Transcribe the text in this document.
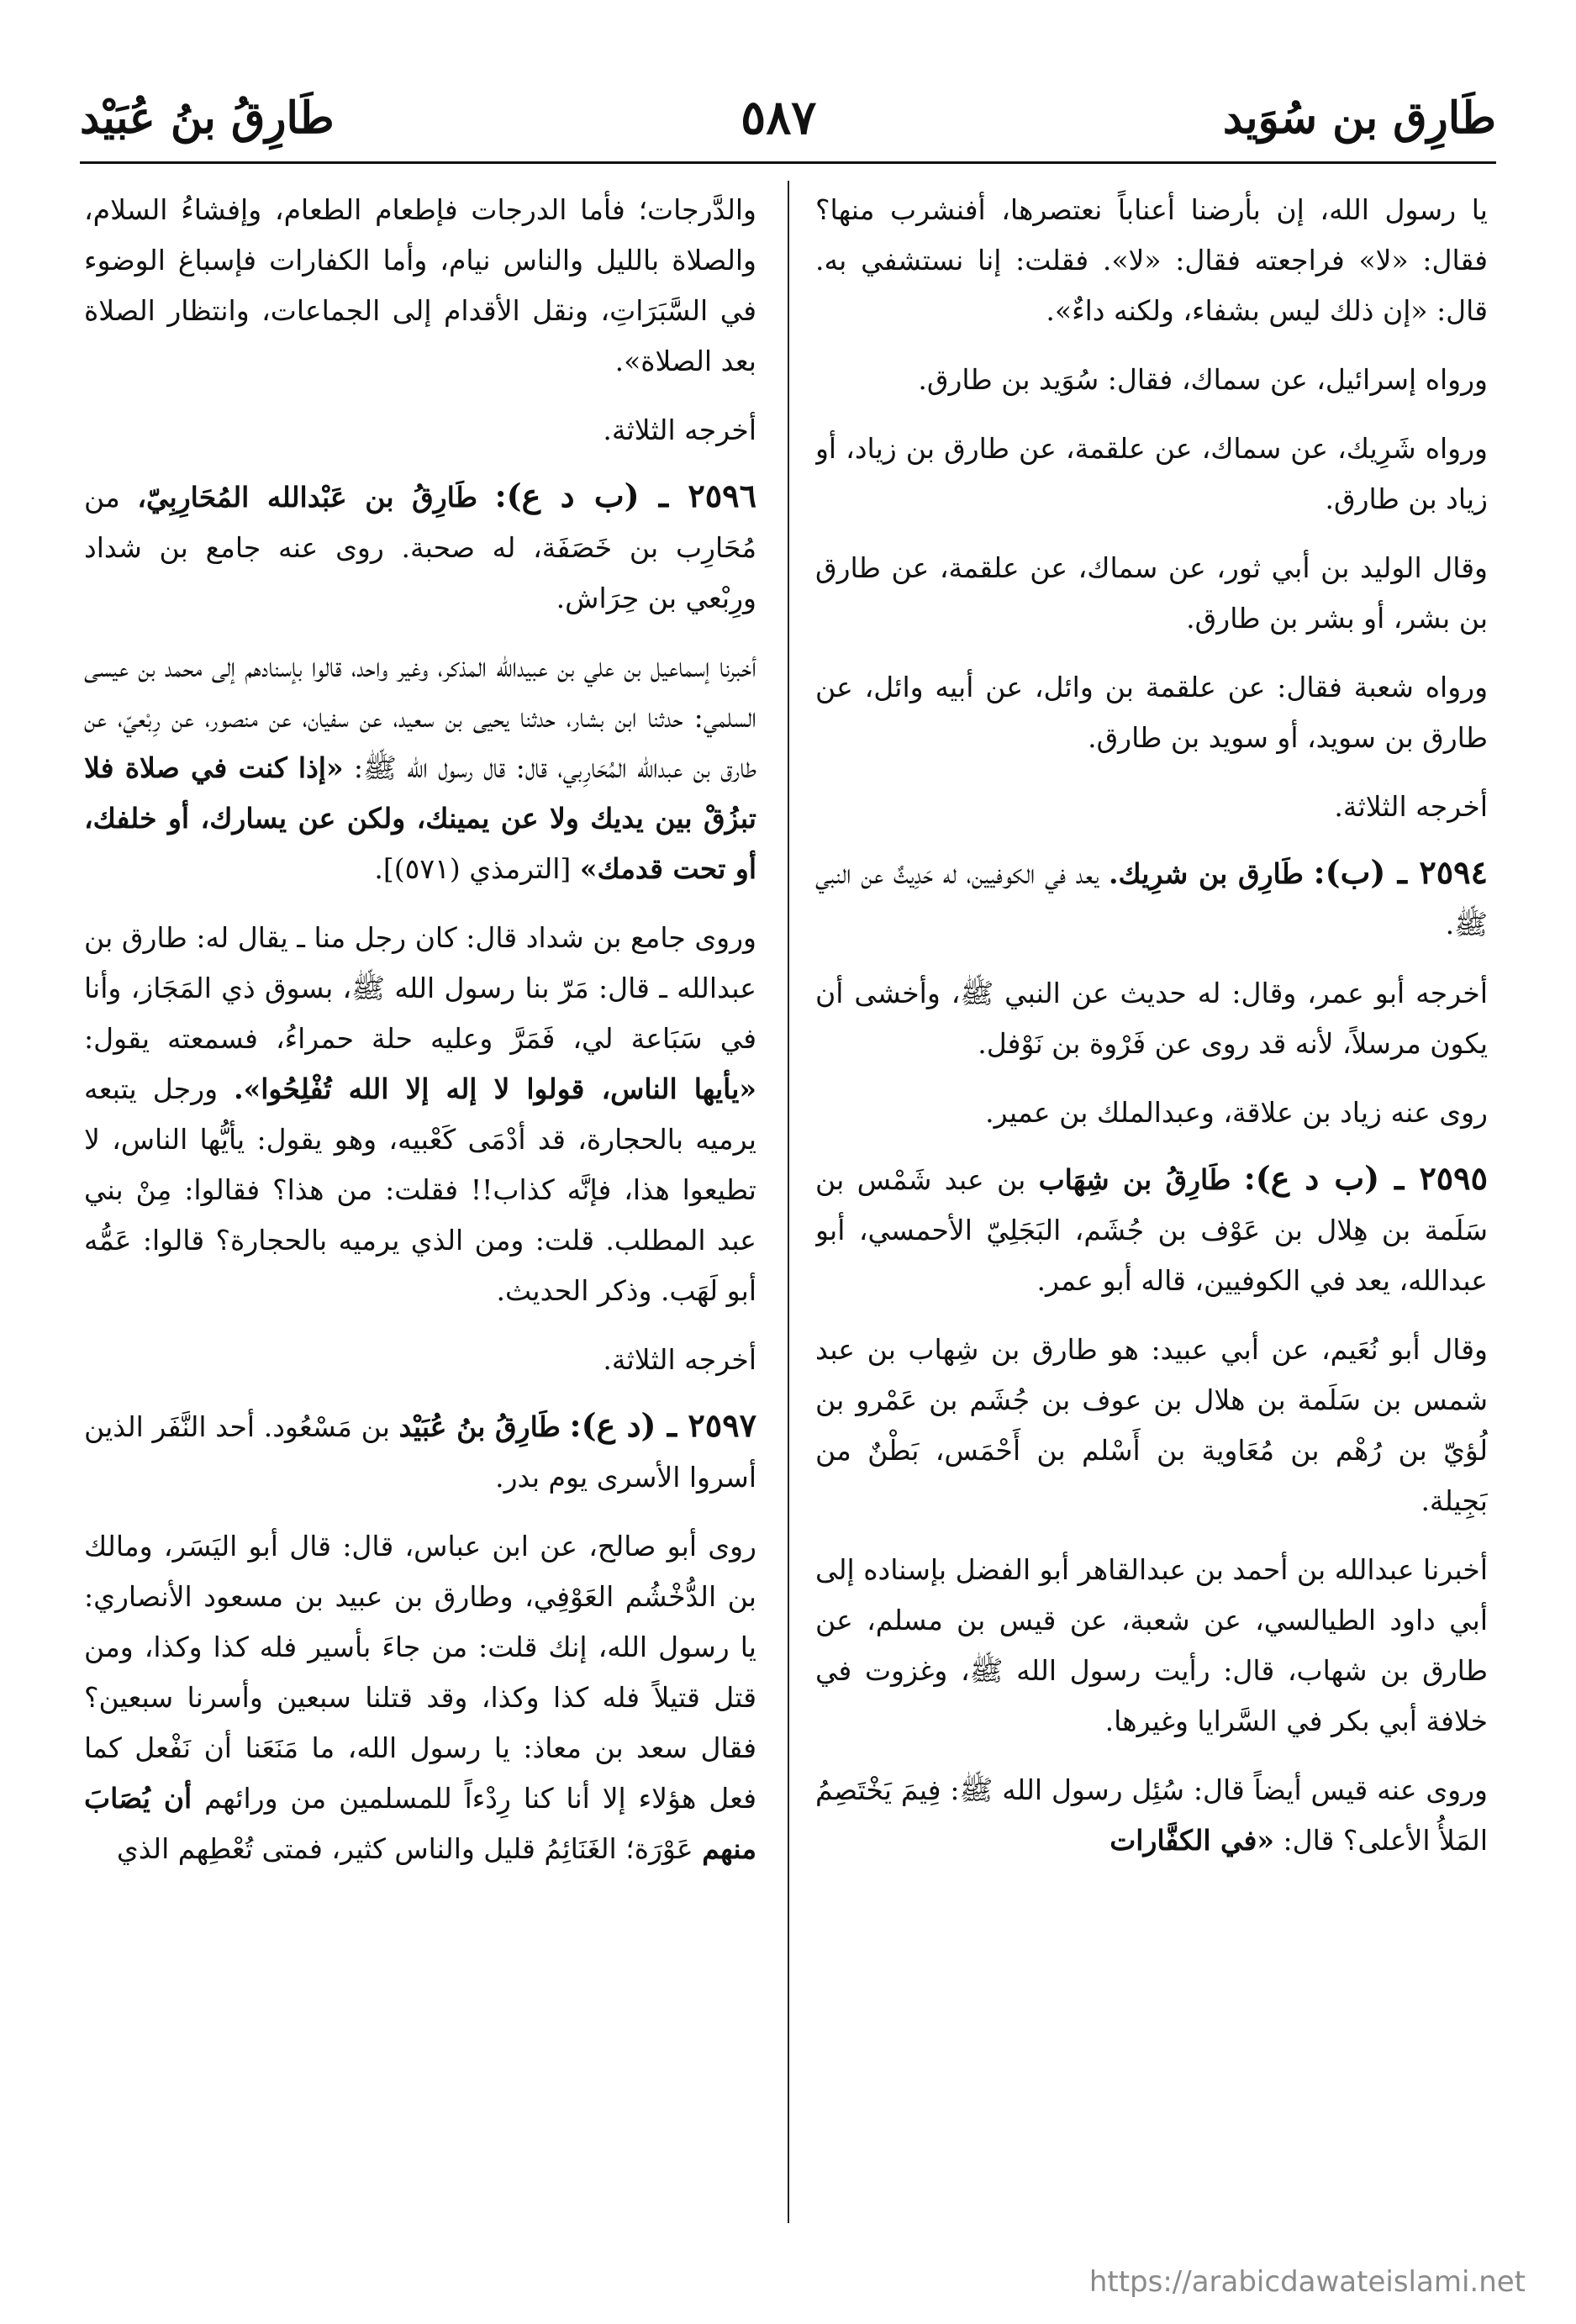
طَارِق بن سُوَيد
٥٨٧
طَارِقُ بنُ عُبَيْد

يا رسول الله، إن بأرضنا أعناباً نعتصرها، أفنشرب منها؟ فقال: «لا» فراجعته فقال: «لا». فقلت: إنا نستشفي به. قال: «إن ذلك ليس بشفاء، ولكنه داءٌ».

ورواه إسرائيل، عن سماك، فقال: سُوَيد بن طارق.

ورواه شَرِيك، عن سماك، عن علقمة، عن طارق بن زياد، أو زياد بن طارق.

وقال الوليد بن أبي ثور، عن سماك، عن علقمة، عن طارق بن بشر، أو بشر بن طارق.

ورواه شعبة فقال: عن علقمة بن وائل، عن أبيه وائل، عن طارق بن سويد، أو سويد بن طارق.

أخرجه الثلاثة.

٢٥٩٤ ـ (ب): طَارِق بن شرِيك. يعد في الكوفيين، له حَدِيثٌ عن النبي ﷺ.

أخرجه أبو عمر، وقال: له حديث عن النبي ﷺ، وأخشى أن يكون مرسلاً، لأنه قد روى عن فَرْوة بن نَوْفل.

روى عنه زياد بن علاقة، وعبدالملك بن عمير.

٢٥٩٥ ـ (ب د ع): طَارِقُ بن شِهَاب بن عبد شَمْس بن سَلَمة بن هِلال بن عَوْف بن جُشَم، البَجَلِيّ الأحمسي، أبو عبدالله، يعد في الكوفيين، قاله أبو عمر.

وقال أبو نُعَيم، عن أبي عبيد: هو طارق بن شِهاب بن عبد شمس بن سَلَمة بن هلال بن عوف بن جُشَم بن عَمْرو بن لُؤيّ بن رُهْم بن مُعَاوية بن أَسْلم بن أَحْمَس، بَطْنٌ من بَجِيلة.

أخبرنا عبدالله بن أحمد بن عبدالقاهر أبو الفضل بإسناده إلى أبي داود الطيالسي، عن شعبة، عن قيس بن مسلم، عن طارق بن شهاب، قال: رأيت رسول الله ﷺ، وغزوت في خلافة أبي بكر في السَّرايا وغيرها.

وروى عنه قيس أيضاً قال: سُئِل رسول الله ﷺ: فِيمَ يَخْتَصِمُ المَلأُ الأعلى؟ قال: «في الكفَّارات

والدَّرجات؛ فأما الدرجات فإطعام الطعام، وإفشاءُ السلام، والصلاة بالليل والناس نيام، وأما الكفارات فإسباغ الوضوء في السَّبَرَاتِ، ونقل الأقدام إلى الجماعات، وانتظار الصلاة بعد الصلاة».

أخرجه الثلاثة.

٢٥٩٦ ـ (ب د ع): طَارِقُ بن عَبْدالله المُحَارِبِيّ، من مُحَارِب بن خَصَفَة، له صحبة. روى عنه جامع بن شداد ورِبْعي بن حِرَاش.

أخبرنا إسماعيل بن علي بن عبيدالله المذكر، وغير واحد، قالوا بإسنادهم إلى محمد بن عيسى السلمي: حدثنا ابن بشار، حدثنا يحيى بن سعيد، عن سفيان، عن منصور، عن رِبْعيّ، عن طارق بن عبدالله المُحَارِبي، قال: قال رسول الله ﷺ: «إذا كنت في صلاة فلا تبزُقْ بين يديك ولا عن يمينك، ولكن عن يسارك، أو خلفك، أو تحت قدمك» [الترمذي (٥٧١)].

وروى جامع بن شداد قال: كان رجل منا ـ يقال له: طارق بن عبدالله ـ قال: مَرّ بنا رسول الله ﷺ، بسوق ذي المَجَاز، وأنا في سَبَاعة لي، فَمَرَّ وعليه حلة حمراءُ، فسمعته يقول: «يأيها الناس، قولوا لا إله إلا الله تُفْلِحُوا». ورجل يتبعه يرميه بالحجارة، قد أدْمَى كَعْبيه، وهو يقول: يأيُّها الناس، لا تطيعوا هذا، فإنَّه كذاب!! فقلت: من هذا؟ فقالوا: مِنْ بني عبد المطلب. قلت: ومن الذي يرميه بالحجارة؟ قالوا: عَمُّه أبو لَهَب. وذكر الحديث.

أخرجه الثلاثة.

٢٥٩٧ ـ (د ع): طَارِقُ بنُ عُبَيْد بن مَسْعُود. أحد النَّفَر الذين أسروا الأسرى يوم بدر.

روى أبو صالح، عن ابن عباس، قال: قال أبو اليَسَر، ومالك بن الدُّخْشُم العَوْفِي، وطارق بن عبيد بن مسعود الأنصاري: يا رسول الله، إنك قلت: من جاءَ بأسير فله كذا وكذا، ومن قتل قتيلاً فله كذا وكذا، وقد قتلنا سبعين وأسرنا سبعين؟ فقال سعد بن معاذ: يا رسول الله، ما مَنَعَنا أن نَفْعل كما فعل هؤلاء إلا أنا كنا رِدْءاً للمسلمين من ورائهم أن يُصَابَ منهم عَوْرَة؛ الغَنَائِمُ قليل والناس كثير، فمتى تُعْطِهم الذي

https://arabicdawateislami.net
